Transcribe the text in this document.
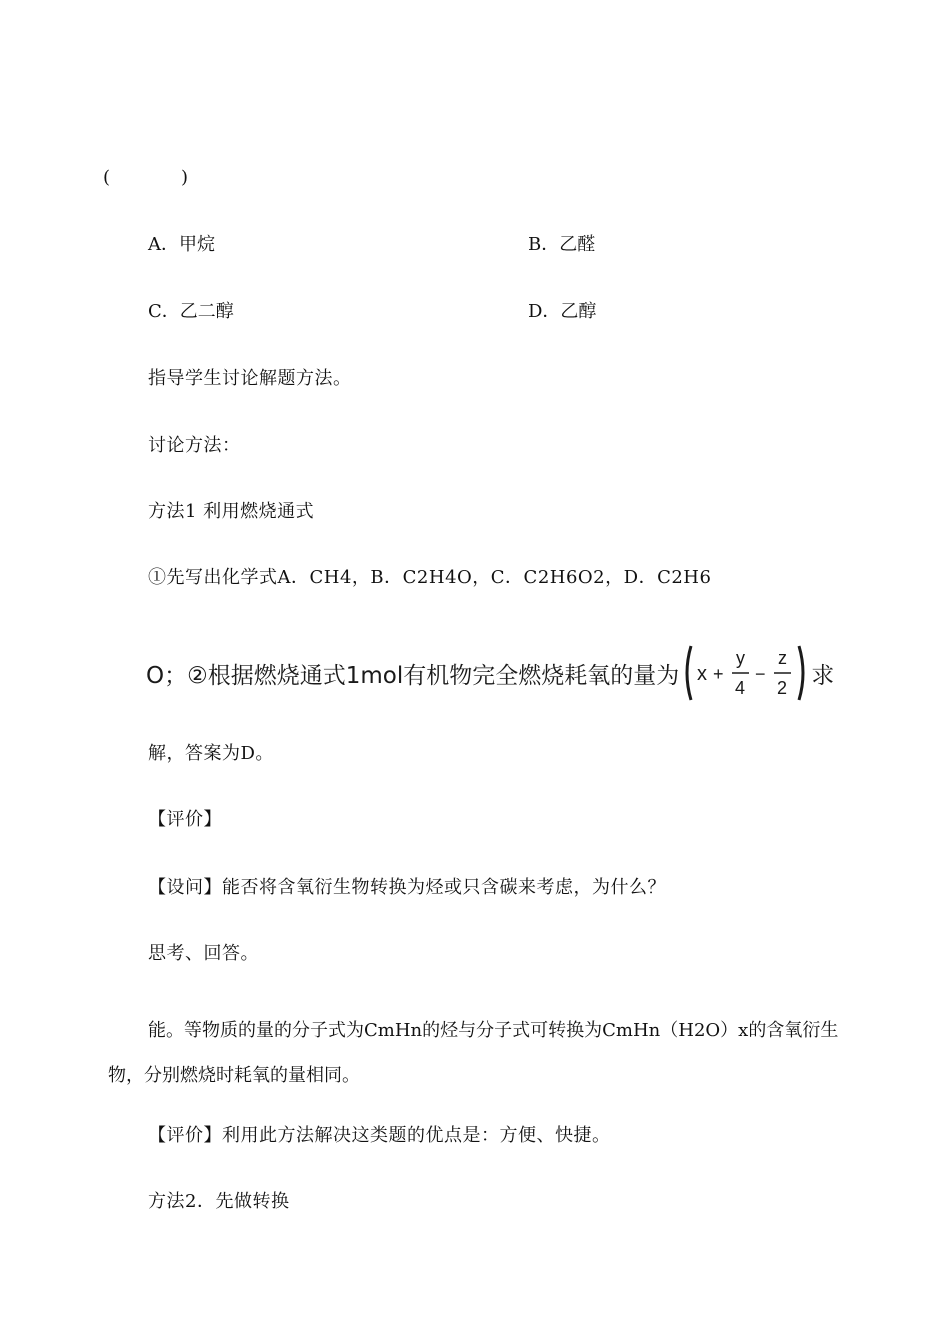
(	)
A．甲烷	B．乙醛
C．乙二醇	D．乙醇
指导学生讨论解题方法。
讨论方法：
方法1 利用燃烧通式
①先写出化学式A．CH4，B．C2H4O，C．C2H6O2，D．C2H6
O；②根据燃烧通式1mol有机物完全燃烧耗氧的量为 x +
y
4
−
z
2 求
解，答案为D。
【评价】
【设问】能否将含氧衍生物转换为烃或只含碳来考虑，为什么？
思考、回答。
能。等物质的量的分子式为CmHn的烃与分子式可转换为CmHn（H2O）x的含氧衍生
物，分别燃烧时耗氧的量相同。
【评价】利用此方法解决这类题的优点是：方便、快捷。
方法2．先做转换
